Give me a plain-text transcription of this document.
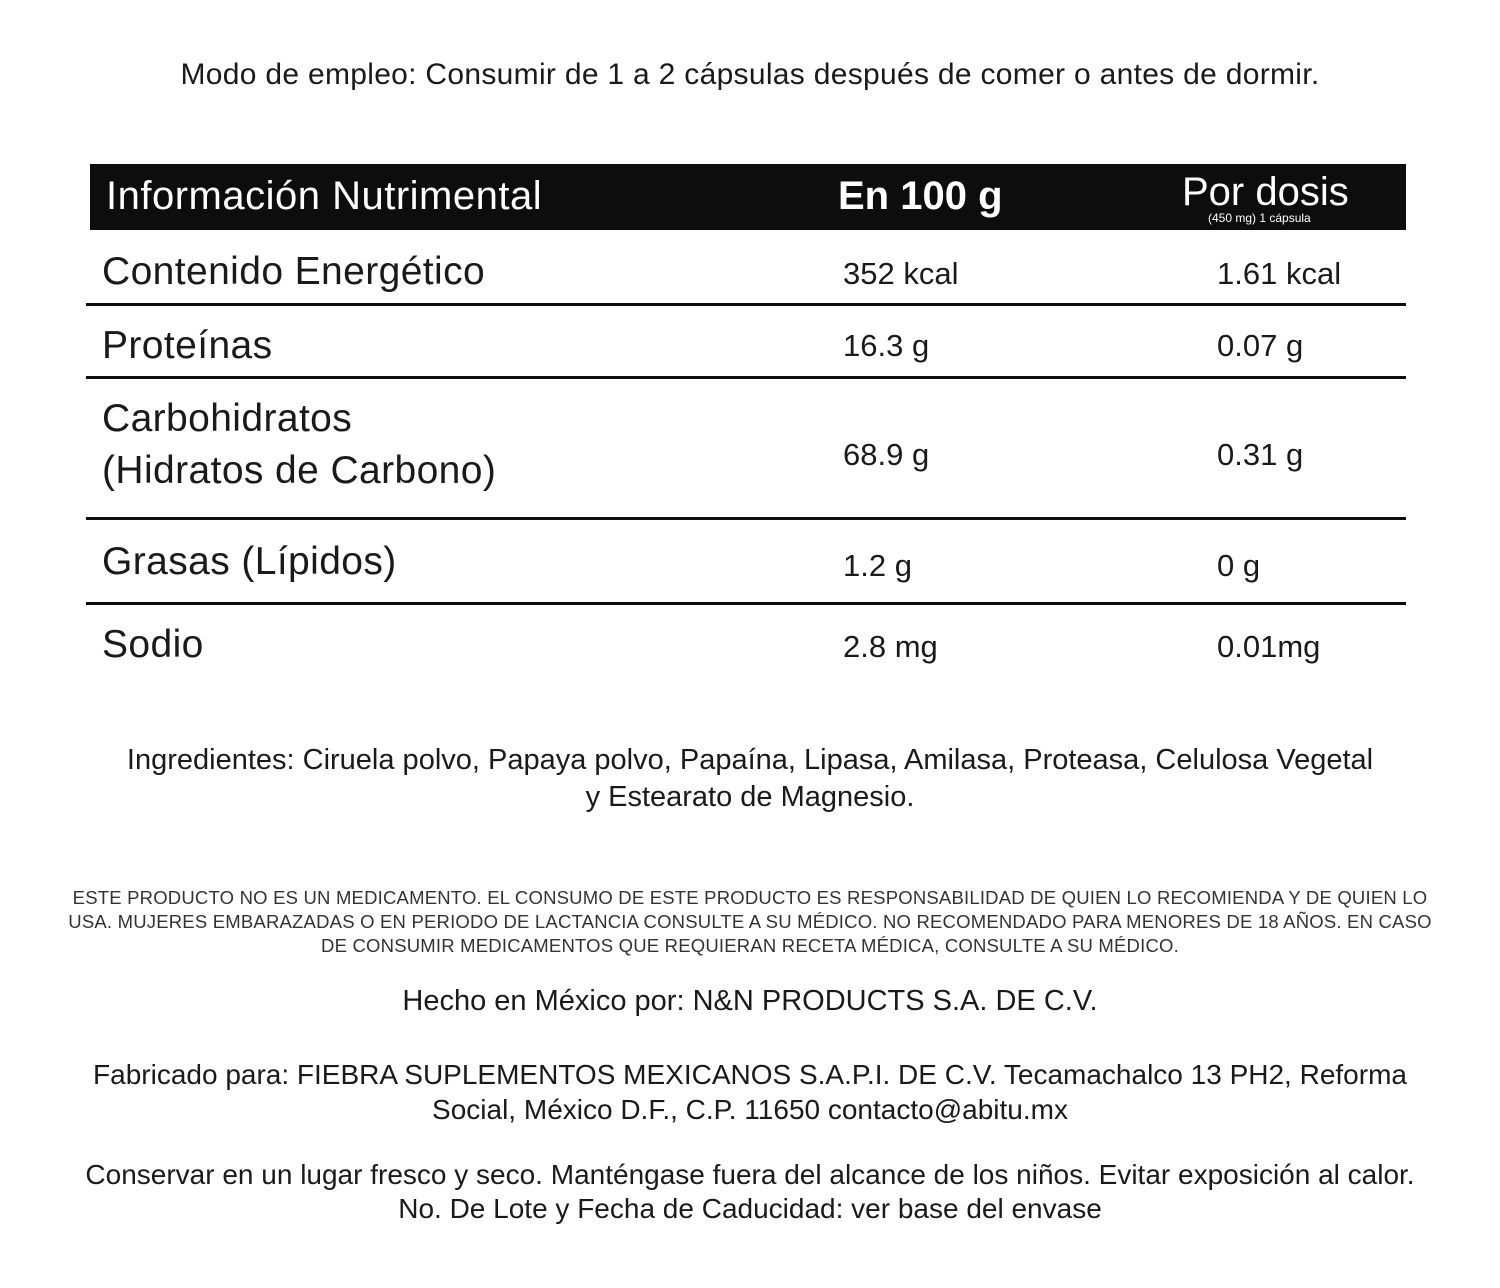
Modo de empleo: Consumir de 1 a 2 cápsulas después de comer o antes de dormir.
Información Nutrimental	En 100 g	Por dosis
(450 mg) 1 cápsula
Contenido Energético	352 kcal	1.61 kcal
Proteínas	16.3 g	0.07 g
Carbohidratos
(Hidratos de Carbono)	68.9 g	0.31 g
Grasas (Lípidos)	1.2 g	0 g
Sodio	2.8 mg	0.01mg
Ingredientes: Ciruela polvo, Papaya polvo, Papaína, Lipasa, Amilasa, Proteasa, Celulosa Vegetal y Estearato de Magnesio.
ESTE PRODUCTO NO ES UN MEDICAMENTO. EL CONSUMO DE ESTE PRODUCTO ES RESPONSABILIDAD DE QUIEN LO RECOMIENDA Y DE QUIEN LO USA. MUJERES EMBARAZADAS O EN PERIODO DE LACTANCIA CONSULTE A SU MÉDICO. NO RECOMENDADO PARA MENORES DE 18 AÑOS. EN CASO DE CONSUMIR MEDICAMENTOS QUE REQUIERAN RECETA MÉDICA, CONSULTE A SU MÉDICO.
Hecho en México por: N&N PRODUCTS S.A. DE C.V.
Fabricado para: FIEBRA SUPLEMENTOS MEXICANOS S.A.P.I. DE C.V. Tecamachalco 13 PH2, Reforma Social, México D.F., C.P. 11650 contacto@abitu.mx
Conservar en un lugar fresco y seco. Manténgase fuera del alcance de los niños. Evitar exposición al calor.
No. De Lote y Fecha de Caducidad: ver base del envase
